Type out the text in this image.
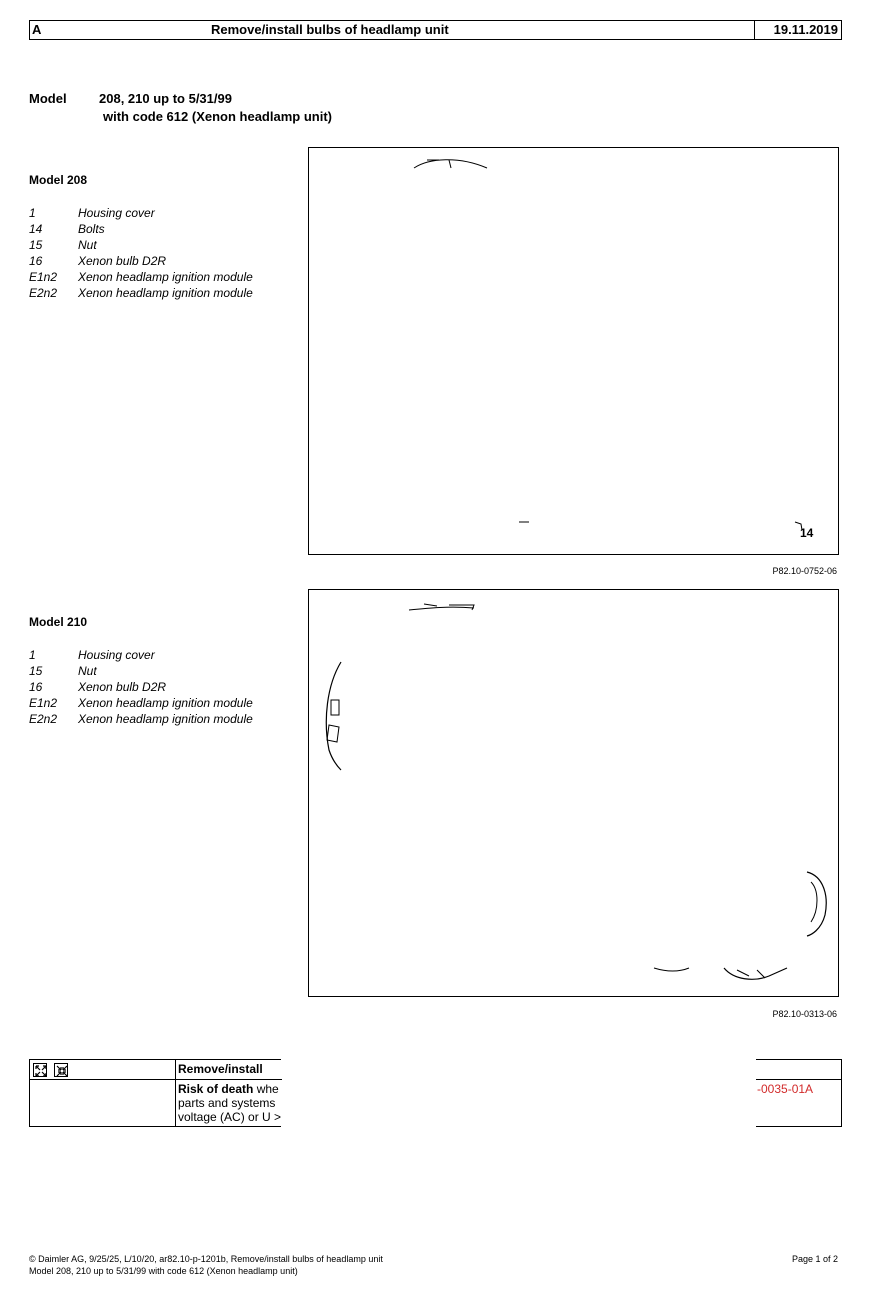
A	Remove/install bulbs of headlamp unit	19.11.2019
Model 208, 210 up to 5/31/99
with code 612 (Xenon headlamp unit)
Model 208
1	Housing cover
14	Bolts
15	Nut
16	Xenon bulb D2R
E1n2 Xenon headlamp ignition module
E2n2 Xenon headlamp ignition module
14
P82.10-0752-06
Model 210
1	Housing cover
15	Nut
16	Xenon bulb D2R
E1n2 Xenon headlamp ignition module
E2n2 Xenon headlamp ignition module
P82.10-0313-06
Remove/install
Risk of death whe
parts and systems
voltage (AC) or U >
-0035-01A
© Daimler AG, 9/25/25, L/10/20, ar82.10-p-1201b, Remove/install bulbs of headlamp unit
Model 208, 210 up to 5/31/99 with code 612 (Xenon headlamp unit)
Page 1 of 2
